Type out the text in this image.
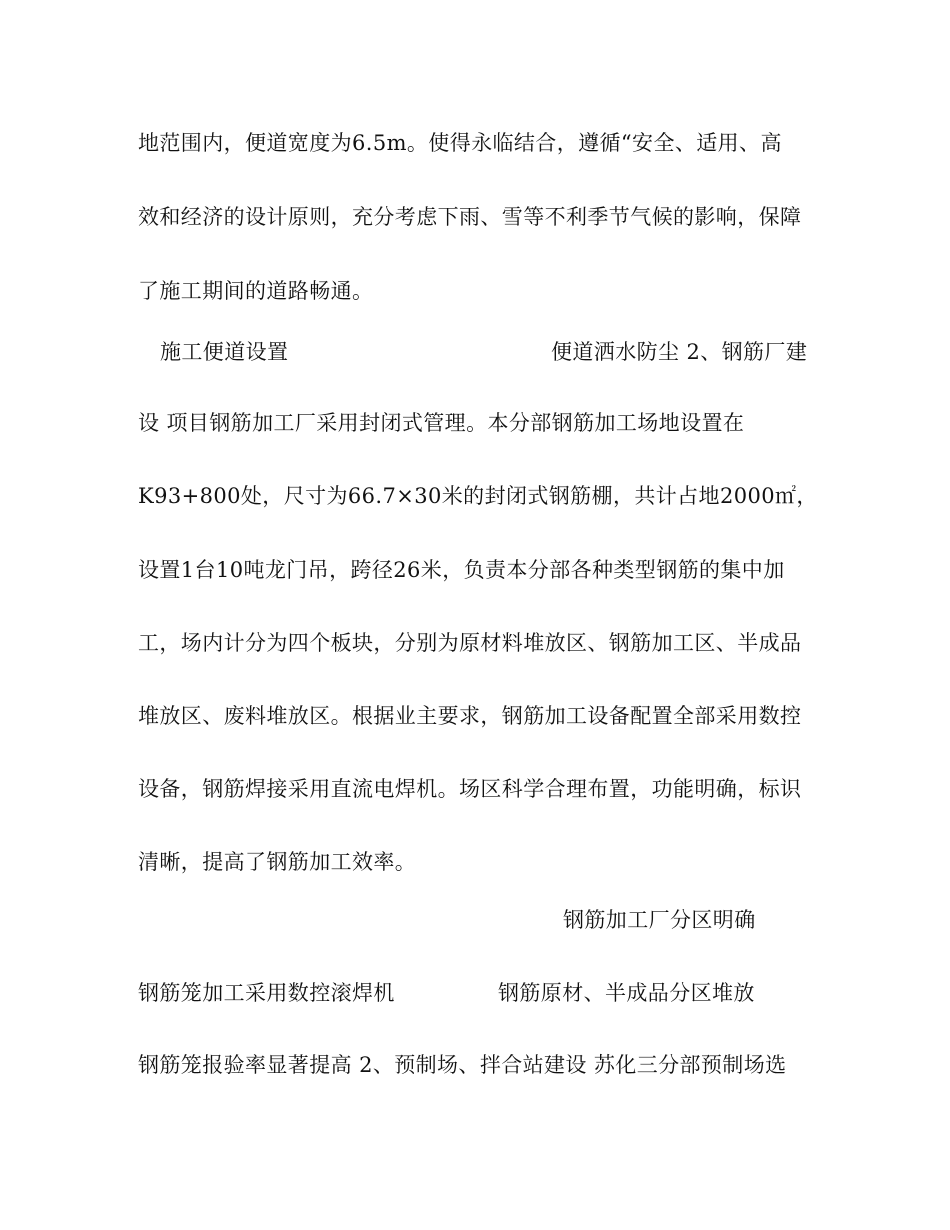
地范围内，便道宽度为6.5m。使得永临结合，遵循“安全、适用、高
效和经济的设计原则，充分考虑下雨、雪等不利季节气候的影响，保障
了施工期间的道路畅通。
施工便道设置	便道洒水防尘 2、钢筋厂建
设 项目钢筋加工厂采用封闭式管理。本分部钢筋加工场地设置在
K93+800处，尺寸为66.7×30米的封闭式钢筋棚，共计占地2000㎡，
设置1台10吨龙门吊，跨径26米，负责本分部各种类型钢筋的集中加
工，场内计分为四个板块，分别为原材料堆放区、钢筋加工区、半成品
堆放区、废料堆放区。根据业主要求，钢筋加工设备配置全部采用数控
设备，钢筋焊接采用直流电焊机。场区科学合理布置，功能明确，标识
清晰，提高了钢筋加工效率。
钢筋加工厂分区明确
钢筋笼加工采用数控滚焊机	钢筋原材、半成品分区堆放
钢筋笼报验率显著提高 2、预制场、拌合站建设 苏化三分部预制场选
